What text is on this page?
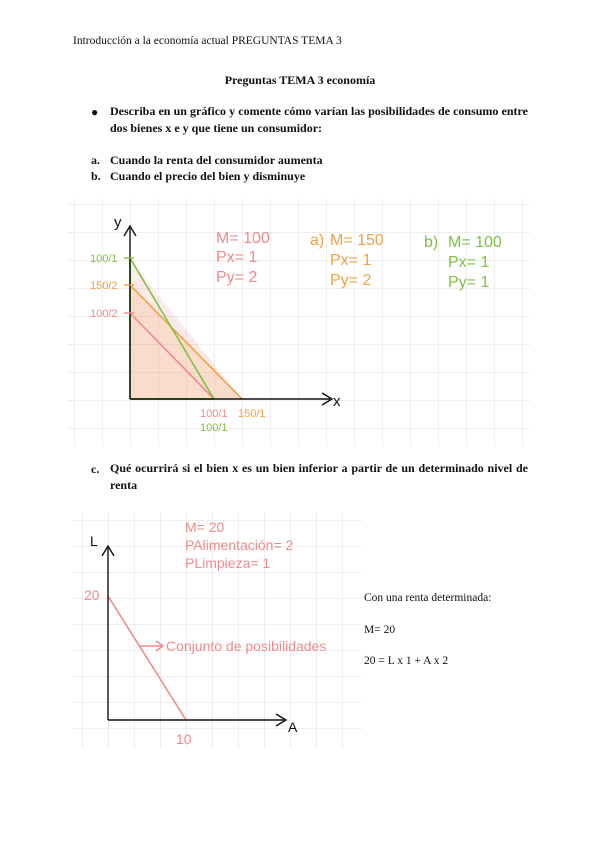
Introducción a la economía actual PREGUNTAS TEMA 3
Preguntas TEMA 3 economía
● Describa en un gráfico y comente cómo varían las posibilidades de consumo entre dos bienes x e y que tiene un consumidor:
a. Cuando la renta del consumidor aumenta
b. Cuando el precio del bien y disminuye
y
x
100/1
150/2
100/2
100/1 150/1
100/1
M= 100
Px= 1
Py= 2
a) M= 150
Px= 1
Py= 2
b) M= 100
Px= 1
Py= 1
c. Qué ocurrirá si el bien x es un bien inferior a partir de un determinado nivel de renta
L
A
20
10
M= 20
PAlimentación= 2
PLimpieza= 1
Conjunto de posibilidades
Con una renta determinada:
M= 20
20 = L x 1 + A x 2
